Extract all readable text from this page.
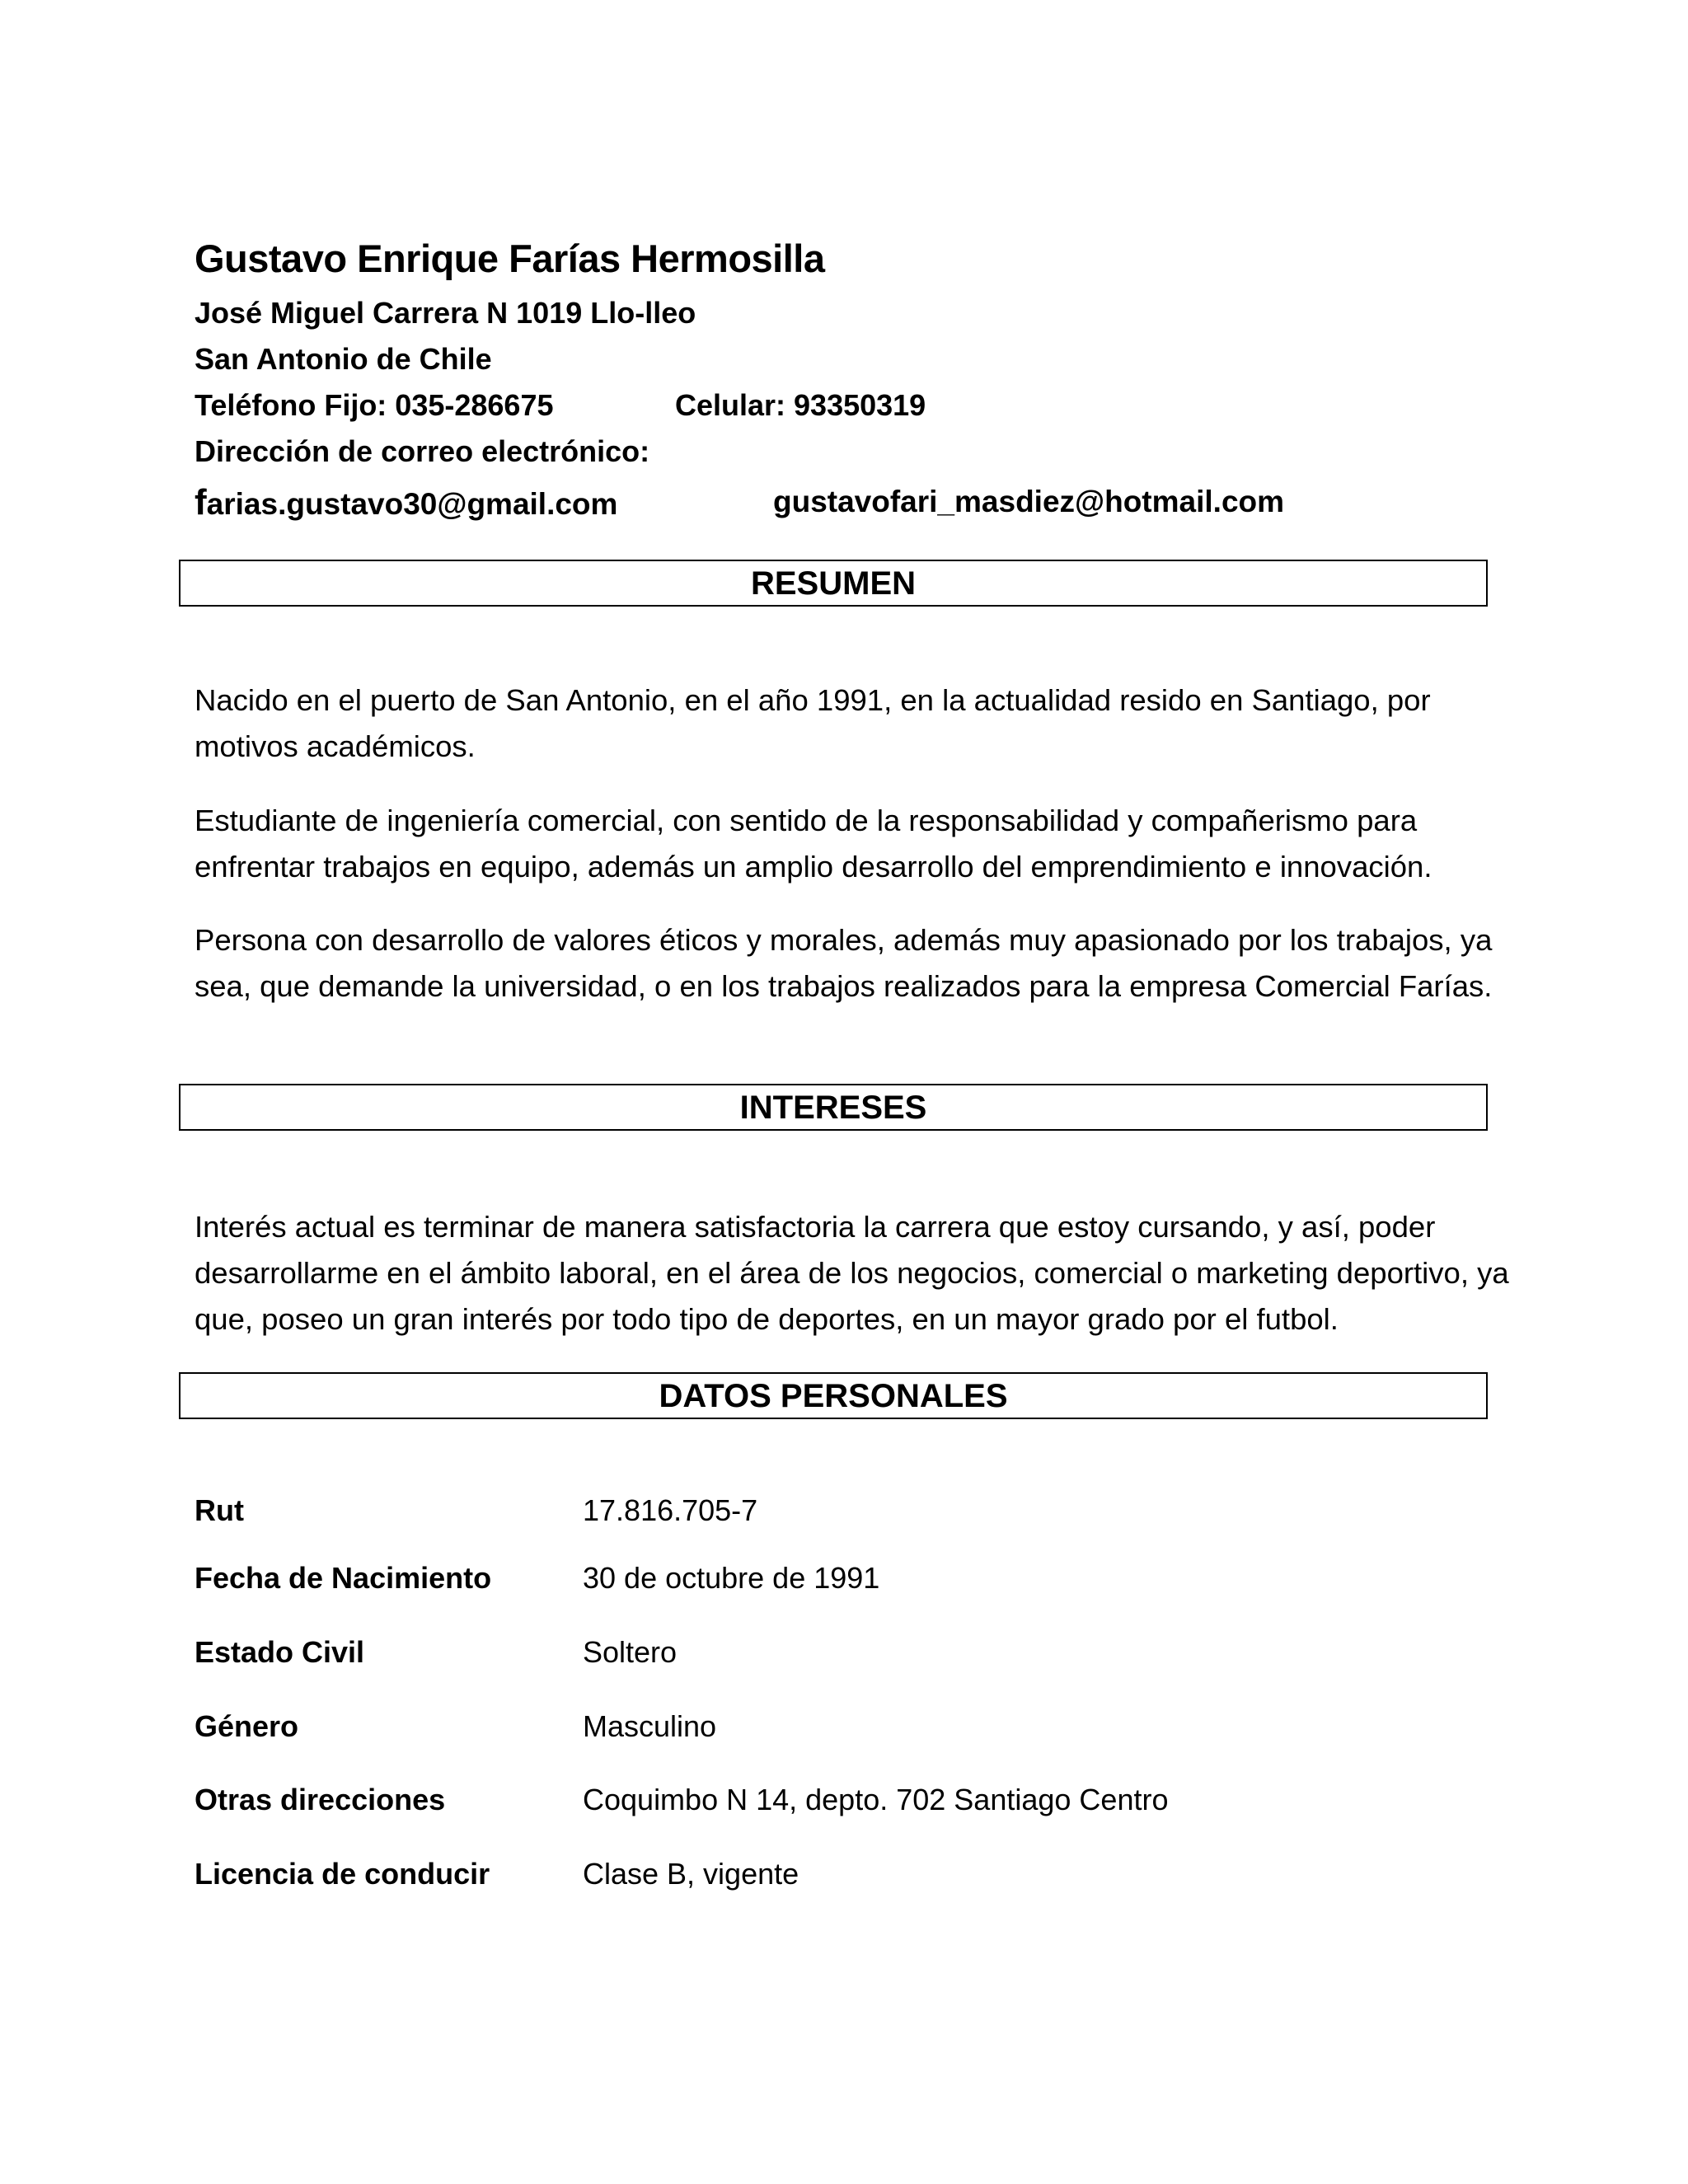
Gustavo Enrique Farías Hermosilla
José Miguel Carrera N 1019 Llo-lleo
San Antonio de Chile
Teléfono Fijo: 035-286675	Celular: 93350319
Dirección de correo electrónico:
farias.gustavo30@gmail.com	gustavofari_masdiez@hotmail.com
RESUMEN

Nacido en el puerto de San Antonio, en el año 1991, en la actualidad resido en Santiago, por motivos académicos.

Estudiante de ingeniería comercial, con sentido de la responsabilidad y compañerismo para enfrentar trabajos en equipo, además un amplio desarrollo del emprendimiento e innovación.

Persona con desarrollo de valores éticos y morales, además muy apasionado por los trabajos, ya sea, que demande la universidad, o en los trabajos realizados para la empresa Comercial Farías.

INTERESES

Interés actual es terminar de manera satisfactoria la carrera que estoy cursando, y así, poder desarrollarme en el ámbito laboral, en el área de los negocios, comercial o marketing deportivo, ya que, poseo un gran interés por todo tipo de deportes, en un mayor grado por el futbol.

DATOS PERSONALES
Rut	17.816.705-7
Fecha de Nacimiento	30 de octubre de 1991
Estado Civil	Soltero
Género	Masculino
Otras direcciones	Coquimbo N 14, depto. 702 Santiago Centro
Licencia de conducir	Clase B, vigente
